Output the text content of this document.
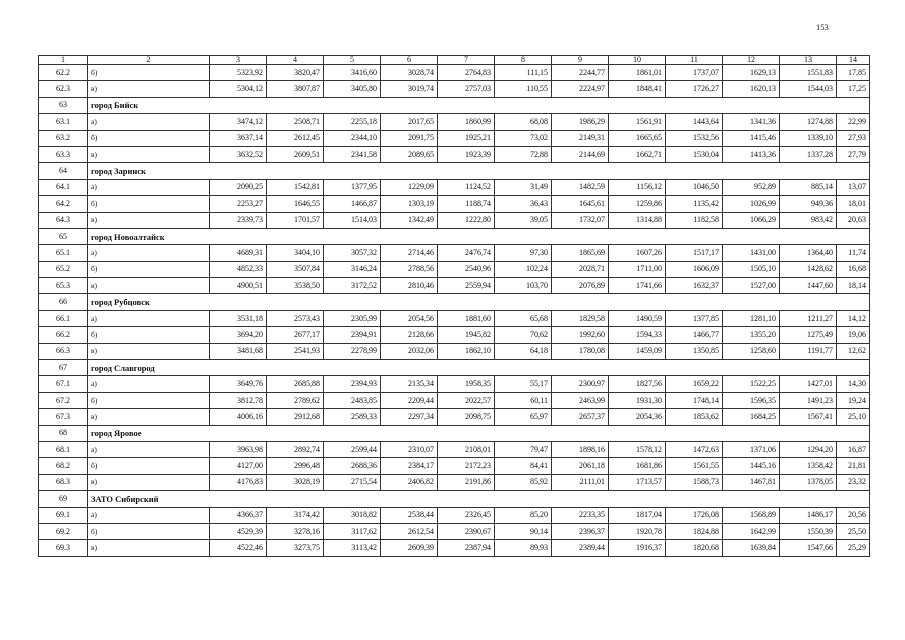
153
1	2	3	4	5	6	7	8	9	10	11	12	13	14
62.2	б)	5323,92	3820,47	3416,60	3028,74	2764,83	111,15	2244,77	1861,01	1737,07	1629,13	1551,83	17,85
62.3	в)	5304,12	3807,87	3405,80	3019,74	2757,03	110,55	2224,97	1848,41	1726,27	1620,13	1544,03	17,25
63	город Бийск												
63.1	а)	3474,12	2508,71	2255,18	2017,65	1860,99	68,08	1986,29	1561,91	1443,64	1341,36	1274,88	22,99
63.2	б)	3637,14	2612,45	2344,10	2091,75	1925,21	73,02	2149,31	1665,65	1532,56	1415,46	1339,10	27,93
63.3	в)	3632,52	2609,51	2341,58	2089,65	1923,39	72,88	2144,69	1662,71	1530,04	1413,36	1337,28	27,79
64	город Заринск												
64.1	а)	2090,25	1542,81	1377,95	1229,09	1124,52	31,49	1482,59	1156,12	1046,50	952,89	885,14	13,07
64.2	б)	2253,27	1646,55	1466,87	1303,19	1188,74	36,43	1645,61	1259,86	1135,42	1026,99	949,36	18,01
64.3	в)	2339,73	1701,57	1514,03	1342,49	1222,80	39,05	1732,07	1314,88	1182,58	1066,29	983,42	20,63
65	город Новоалтайск												
65.1	а)	4689,31	3404,10	3057,32	2714,46	2476,74	97,30	1865,69	1607,26	1517,17	1431,00	1364,40	11,74
65.2	б)	4852,33	3507,84	3146,24	2788,56	2540,96	102,24	2028,71	1711,00	1606,09	1505,10	1428,62	16,68
65.3	в)	4900,51	3538,50	3172,52	2810,46	2559,94	103,70	2076,89	1741,66	1632,37	1527,00	1447,60	18,14
66	город Рубцовск												
66.1	а)	3531,18	2573,43	2305,99	2054,56	1881,60	65,68	1829,58	1490,59	1377,85	1281,10	1211,27	14,12
66.2	б)	3694,20	2677,17	2394,91	2128,66	1945,82	70,62	1992,60	1594,33	1466,77	1355,20	1275,49	19,06
66.3	в)	3481,68	2541,93	2278,99	2032,06	1862,10	64,18	1780,08	1459,09	1350,85	1258,60	1191,77	12,62
67	город Славгород												
67.1	а)	3649,76	2685,88	2394,93	2135,34	1958,35	55,17	2300,97	1827,56	1659,22	1522,25	1427,01	14,30
67.2	б)	3812,78	2789,62	2483,85	2209,44	2022,57	60,11	2463,99	1931,30	1748,14	1596,35	1491,23	19,24
67.3	в)	4006,16	2912,68	2589,33	2297,34	2098,75	65,97	2657,37	2054,36	1853,62	1684,25	1567,41	25,10
68	город Яровое												
68.1	а)	3963,98	2892,74	2599,44	2310,07	2108,01	79,47	1898,16	1578,12	1472,63	1371,06	1294,20	16,87
68.2	б)	4127,00	2996,48	2688,36	2384,17	2172,23	84,41	2061,18	1681,86	1561,55	1445,16	1358,42	21,81
68.3	в)	4176,83	3028,19	2715,54	2406,82	2191,86	85,92	2111,01	1713,57	1588,73	1467,81	1378,05	23,32
69	ЗАТО Сибирский												
69.1	а)	4366,37	3174,42	3018,82	2538,44	2326,45	85,20	2233,35	1817,04	1726,08	1568,89	1486,17	20,56
69.2	б)	4529,39	3278,16	3117,62	2612,54	2390,67	90,14	2396,37	1920,78	1824,88	1642,99	1550,39	25,50
69.3	в)	4522,46	3273,75	3113,42	2609,39	2387,94	89,93	2389,44	1916,37	1820,68	1639,84	1547,66	25,29
